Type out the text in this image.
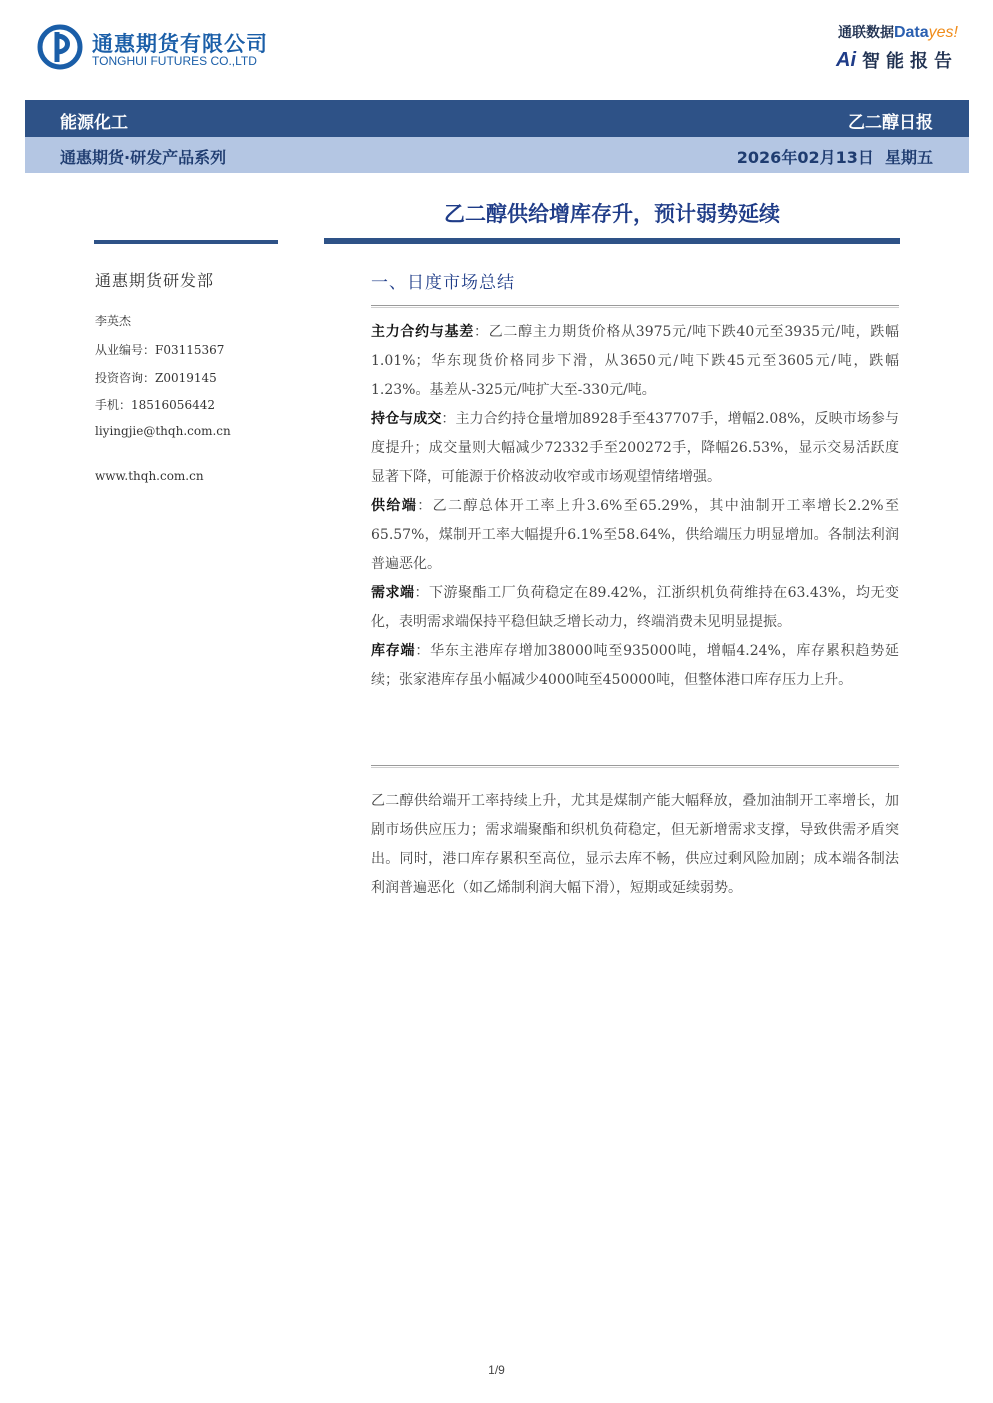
通惠期货有限公司
TONGHUI FUTURES CO.,LTD
通联数据Datayes!
Ai 智能报告
能源化工	乙二醇日报
通惠期货·研发产品系列	2026年02月13日  星期五
乙二醇供给增库存升，预计弱势延续
通惠期货研发部
李英杰
从业编号：F03115367
投资咨询：Z0019145
手机：18516056442
liyingjie@thqh.com.cn
www.thqh.com.cn
一、日度市场总结

主力合约与基差：乙二醇主力期货价格从3975元/吨下跌40元至3935元/吨，跌幅1.01%；华东现货价格同步下滑，从3650元/吨下跌45元至3605元/吨，跌幅1.23%。基差从-325元/吨扩大至-330元/吨。

持仓与成交：主力合约持仓量增加8928手至437707手，增幅2.08%，反映市场参与度提升；成交量则大幅减少72332手至200272手，降幅26.53%，显示交易活跃度显著下降，可能源于价格波动收窄或市场观望情绪增强。

供给端：乙二醇总体开工率上升3.6%至65.29%，其中油制开工率增长2.2%至65.57%，煤制开工率大幅提升6.1%至58.64%，供给端压力明显增加。各制法利润普遍恶化。

需求端：下游聚酯工厂负荷稳定在89.42%，江浙织机负荷维持在63.43%，均无变化，表明需求端保持平稳但缺乏增长动力，终端消费未见明显提振。

库存端：华东主港库存增加38000吨至935000吨，增幅4.24%，库存累积趋势延续；张家港库存虽小幅减少4000吨至450000吨，但整体港口库存压力上升。

乙二醇供给端开工率持续上升，尤其是煤制产能大幅释放，叠加油制开工率增长，加剧市场供应压力；需求端聚酯和织机负荷稳定，但无新增需求支撑，导致供需矛盾突出。同时，港口库存累积至高位，显示去库不畅，供应过剩风险加剧；成本端各制法利润普遍恶化（如乙烯制利润大幅下滑），短期或延续弱势。
1/9
